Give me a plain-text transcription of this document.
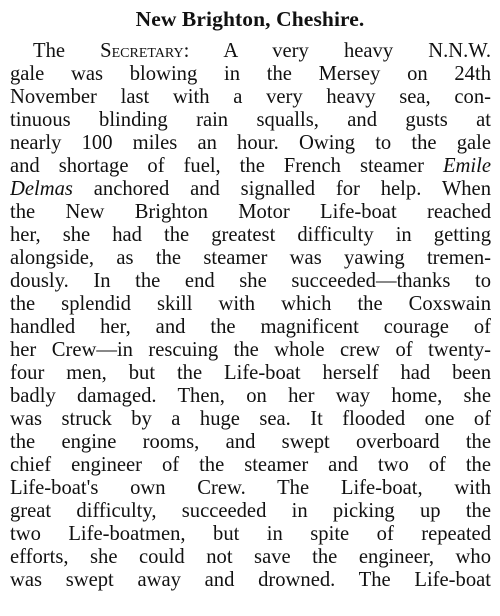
New Brighton, Cheshire.
The Secretary: A very heavy N.N.W.
gale was blowing in the Mersey on 24th
November last with a very heavy sea, con-
tinuous blinding rain squalls, and gusts at
nearly 100 miles an hour. Owing to the gale
and shortage of fuel, the French steamer Emile
Delmas anchored and signalled for help. When
the New Brighton Motor Life-boat reached
her, she had the greatest difficulty in getting
alongside, as the steamer was yawing tremen-
dously. In the end she succeeded—thanks to
the splendid skill with which the Coxswain
handled her, and the magnificent courage of
her Crew—in rescuing the whole crew of twenty-
four men, but the Life-boat herself had been
badly damaged. Then, on her way home, she
was struck by a huge sea. It flooded one of
the engine rooms, and swept overboard the
chief engineer of the steamer and two of the
Life-boat's own Crew. The Life-boat, with
great difficulty, succeeded in picking up the
two Life-boatmen, but in spite of repeated
efforts, she could not save the engineer, who
was swept away and drowned. The Life-boat
